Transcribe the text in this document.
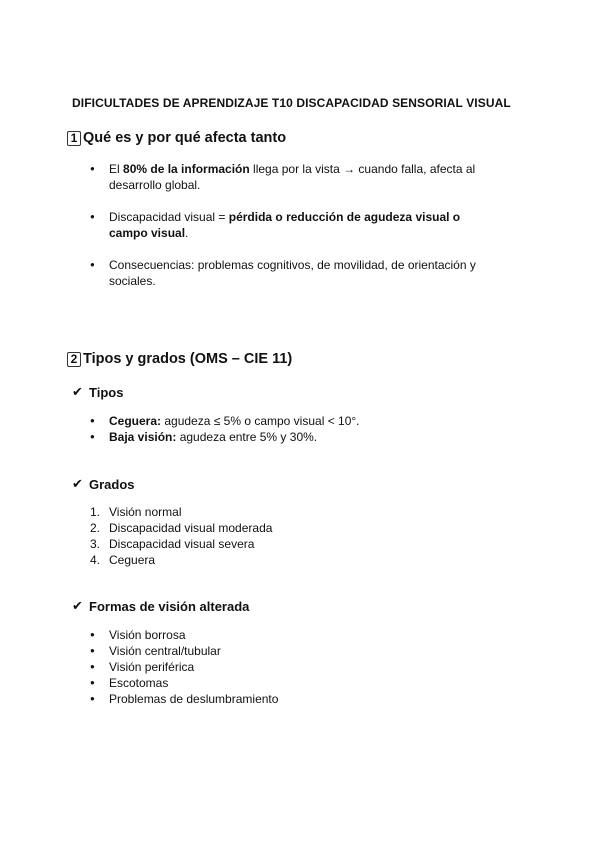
DIFICULTADES DE APRENDIZAJE T10 DISCAPACIDAD SENSORIAL VISUAL
1 Qué es y por qué afecta tanto
● El 80% de la información llega por la vista → cuando falla, afecta al desarrollo global.
● Discapacidad visual = pérdida o reducción de agudeza visual o campo visual.
● Consecuencias: problemas cognitivos, de movilidad, de orientación y sociales.
2 Tipos y grados (OMS – CIE 11)
✔ Tipos
● Ceguera: agudeza ≤ 5% o campo visual < 10°.
● Baja visión: agudeza entre 5% y 30%.
✔ Grados
1. Visión normal
2. Discapacidad visual moderada
3. Discapacidad visual severa
4. Ceguera
✔ Formas de visión alterada
● Visión borrosa
● Visión central/tubular
● Visión periférica
● Escotomas
● Problemas de deslumbramiento
